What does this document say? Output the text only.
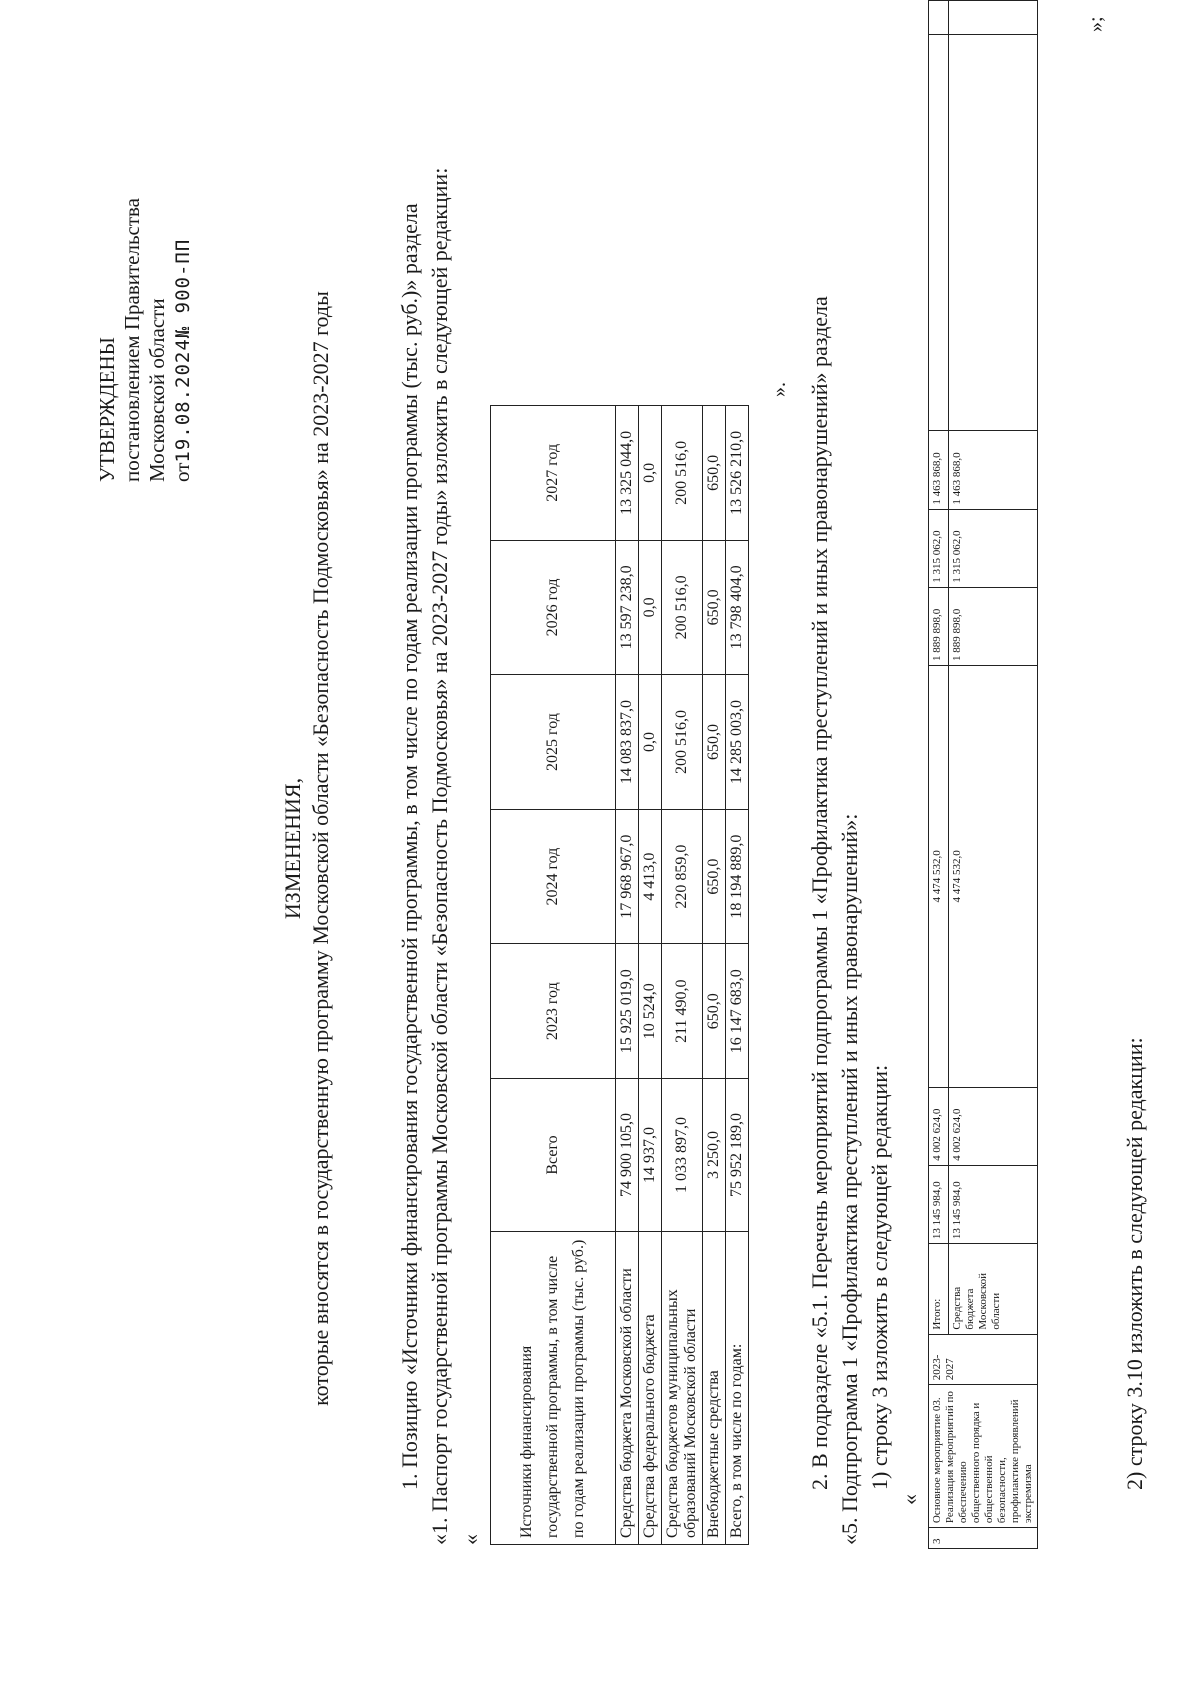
УТВЕРЖДЕНЫ постановлением Правительства Московской области от19.08.2024№ 900-ПП
ИЗМЕНЕНИЯ, которые вносятся в государственную программу Московской области «Безопасность Подмосковья» на 2023-2027 годы	1. Позицию «Источники финансирования государственной программы, в том числе по годам реализации программы (тыс. руб.)» раздела «1. Паспорт государственной программы Московской области «Безопасность Подмосковья» на 2023-2027 годы» изложить в следующей редакции: «
Источники финансирования государственной программы, в том числе по годам реализации программы (тыс. руб.)	Всего	2023 год	2024 год	2025 год	2026 год	2027 год
Средства бюджета Московской области	74 900 105,0	15 925 019,0	17 968 967,0	14 083 837,0	13 597 238,0	13 325 044,0
Средства федерального бюджета	14 937,0	10 524,0	4 413,0	0,0	0,0	0,0
Средства бюджетов муниципальных образований Московской области	1 033 897,0	211 490,0	220 859,0	200 516,0	200 516,0	200 516,0
Внебюджетные средства	3 250,0	650,0	650,0	650,0	650,0	650,0
Всего, в том числе по годам:	75 952 189,0	16 147 683,0	18 194 889,0	14 285 003,0	13 798 404,0	13 526 210,0
». 2. В подразделе «5.1. Перечень мероприятий подпрограммы 1 «Профилактика преступлений и иных правонарушений» раздела «5. Подпрограмма 1 «Профилактика преступлений и иных правонарушений»: 1) строку 3 изложить в следующей редакции:
«
3	Основное мероприятие 03. Реализация мероприятий по обеспечению общественного порядка и общественной безопасности, профилактике проявлений экстремизма	2023-2027	Итого:	13 145 984,0	4 002 624,0	4 474 532,0	1 889 898,0	1 315 062,0	1 463 868,0		
			Средства бюджета Московской области	13 145 984,0	4 002 624,0	4 474 532,0	1 889 898,0	1 315 062,0	1 463 868,0		
»;
2) строку 3.10 изложить в следующей редакции:
